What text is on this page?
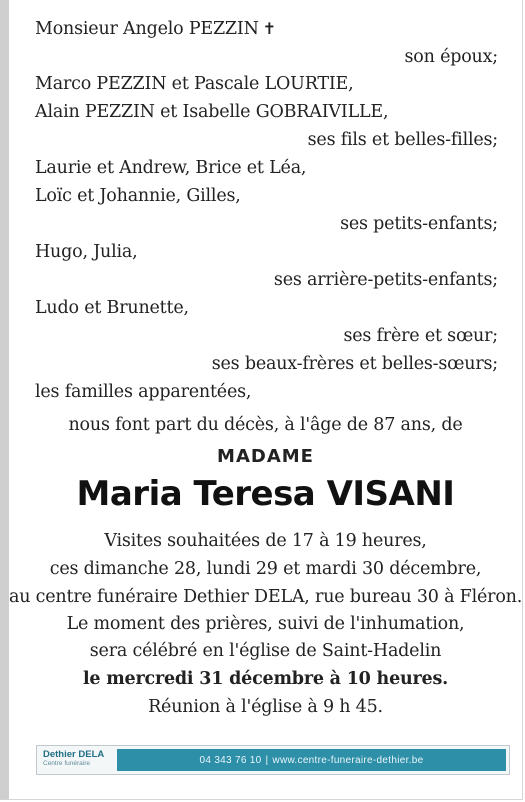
Monsieur Angelo PEZZIN ✝
son époux;
Marco PEZZIN et Pascale LOURTIE,
Alain PEZZIN et Isabelle GOBRAIVILLE,
ses fils et belles-filles;
Laurie et Andrew, Brice et Léa,
Loïc et Johannie, Gilles,
ses petits-enfants;
Hugo, Julia,
ses arrière-petits-enfants;
Ludo et Brunette,
ses frère et sœur;
ses beaux-frères et belles-sœurs;
les familles apparentées,
nous font part du décès, à l'âge de 87 ans, de
MADAME
Maria Teresa VISANI
Visites souhaitées de 17 à 19 heures,
ces dimanche 28, lundi 29 et mardi 30 décembre,
au centre funéraire Dethier DELA, rue bureau 30 à Fléron.
Le moment des prières, suivi de l'inhumation,
sera célébré en l'église de Saint-Hadelin
le mercredi 31 décembre à 10 heures.
Réunion à l'église à 9 h 45.
Dethier DELA
Centre funéraire	04 343 76 10 | www.centre-funeraire-dethier.be
